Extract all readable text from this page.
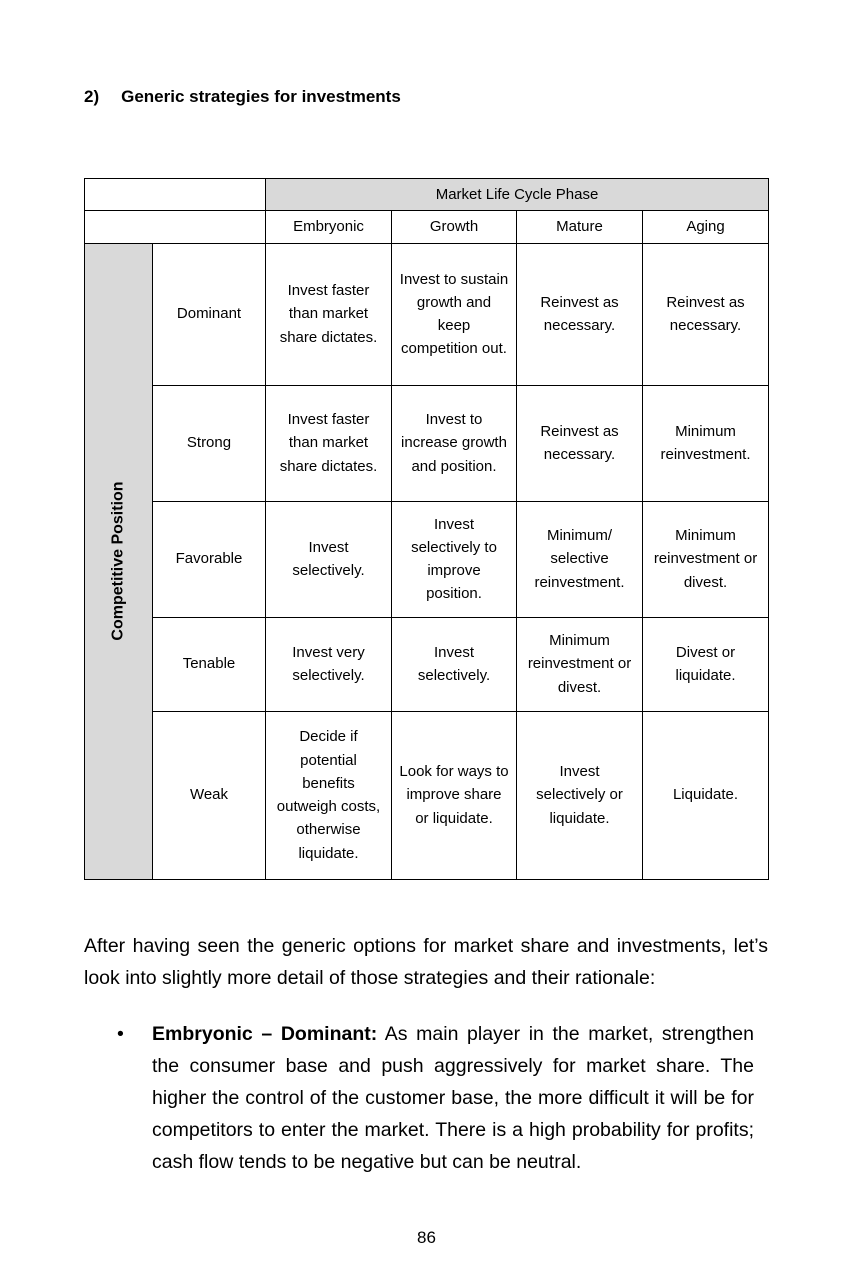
2) Generic strategies for investments
		Market Life Cycle Phase			
		Embryonic	Growth	Mature	Aging

Competitive Position	Dominant	Invest faster than market share dictates.	Invest to sustain growth and keep competition out.	Reinvest as necessary.	Reinvest as necessary.
	Strong	Invest faster than market share dictates.	Invest to increase growth and position.	Reinvest as necessary.	Minimum reinvestment.
	Favorable	Invest selectively.	Invest selectively to improve position.	Minimum/ selective reinvestment.	Minimum reinvestment or divest.
	Tenable	Invest very selectively.	Invest selectively.	Minimum reinvestment or divest.	Divest or liquidate.
	Weak	Decide if potential benefits outweigh costs, otherwise liquidate.	Look for ways to improve share or liquidate.	Invest selectively or liquidate.	Liquidate.

After having seen the generic options for market share and investments, let’s look into slightly more detail of those strategies and their rationale:

• Embryonic – Dominant: As main player in the market, strengthen the consumer base and push aggressively for market share. The higher the control of the customer base, the more difficult it will be for competitors to enter the market. There is a high probability for profits; cash flow tends to be negative but can be neutral.
86
